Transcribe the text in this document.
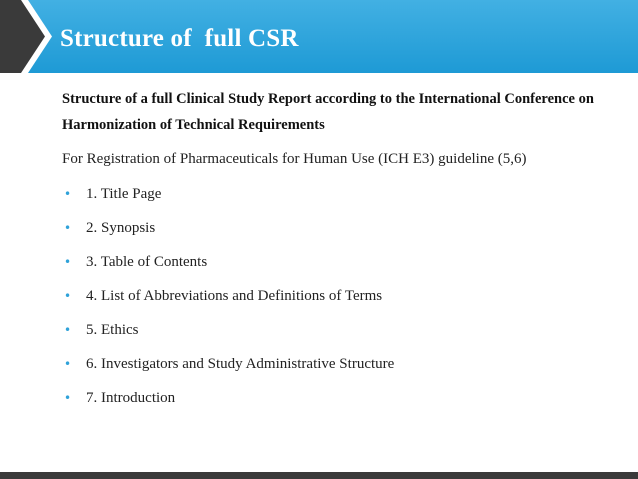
Structure of  full CSR
Structure of a full Clinical Study Report according to the International Conference on Harmonization of Technical Requirements
For Registration of Pharmaceuticals for Human Use (ICH E3) guideline (5,6)
• 1. Title Page
• 2. Synopsis
• 3. Table of Contents
• 4. List of Abbreviations and Definitions of Terms
• 5. Ethics
• 6. Investigators and Study Administrative Structure
• 7. Introduction
